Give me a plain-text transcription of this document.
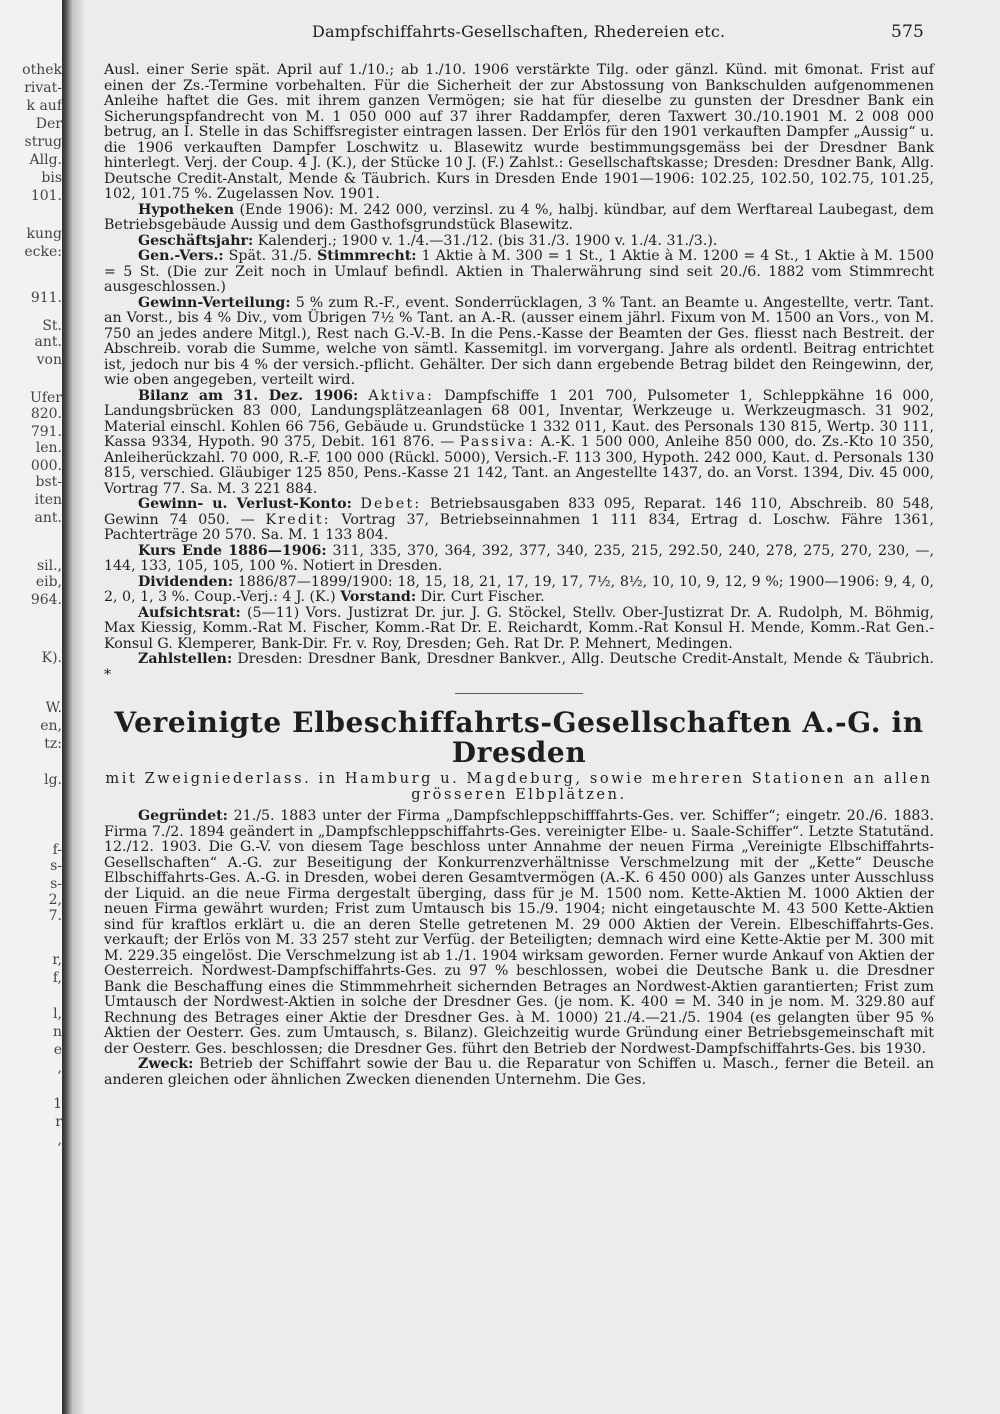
othek
rivat-
k auf
Der
strug
Allg.
bis
101.
kung
ecke:
911.
St.
ant.
von
Ufer
820.
791.
len.
000.
bst-
iten
ant.
sil.,
eib,
964.
K).
W.
en,
tz:
lg.
f-
s-
s-
2,
7.
r,
f,
l,
n
e
,
1
r
,
Dampfschiffahrts-Gesellschaften, Rhedereien etc.	575

Ausl. einer Serie spät. April auf 1./10.; ab 1./10. 1906 verstärkte Tilg. oder gänzl. Künd. mit 6monat. Frist auf einen der Zs.-Termine vorbehalten. Für die Sicherheit der zur Abstossung von Bankschulden aufgenommenen Anleihe haftet die Ges. mit ihrem ganzen Vermögen; sie hat für dieselbe zu gunsten der Dresdner Bank ein Sicherungspfandrecht von M. 1 050 000 auf 37 ihrer Raddampfer, deren Taxwert 30./10.1901 M. 2 008 000 betrug, an I. Stelle in das Schiffsregister eintragen lassen. Der Erlös für den 1901 verkauften Dampfer „Aussig“ u. die 1906 verkauften Dampfer Loschwitz u. Blasewitz wurde bestimmungsgemäss bei der Dresdner Bank hinterlegt. Verj. der Coup. 4 J. (K.), der Stücke 10 J. (F.) Zahlst.: Gesellschaftskasse; Dresden: Dresdner Bank, Allg. Deutsche Credit-Anstalt, Mende & Täubrich. Kurs in Dresden Ende 1901—1906: 102.25, 102.50, 102.75, 101.25, 102, 101.75 %. Zugelassen Nov. 1901.

Hypotheken (Ende 1906): M. 242 000, verzinsl. zu 4 %, halbj. kündbar, auf dem Werftareal Laubegast, dem Betriebsgebäude Aussig und dem Gasthofsgrundstück Blasewitz.

Geschäftsjahr: Kalenderj.; 1900 v. 1./4.—31./12. (bis 31./3. 1900 v. 1./4. 31./3.).

Gen.-Vers.: Spät. 31./5. Stimmrecht: 1 Aktie à M. 300 = 1 St., 1 Aktie à M. 1200 = 4 St., 1 Aktie à M. 1500 = 5 St. (Die zur Zeit noch in Umlauf befindl. Aktien in Thalerwährung sind seit 20./6. 1882 vom Stimmrecht ausgeschlossen.)

Gewinn-Verteilung: 5 % zum R.-F., event. Sonderrücklagen, 3 % Tant. an Beamte u. Angestellte, vertr. Tant. an Vorst., bis 4 % Div., vom Übrigen 7½ % Tant. an A.-R. (ausser einem jährl. Fixum von M. 1500 an Vors., von M. 750 an jedes andere Mitgl.), Rest nach G.-V.-B. In die Pens.-Kasse der Beamten der Ges. fliesst nach Bestreit. der Abschreib. vorab die Summe, welche von sämtl. Kassemitgl. im vorvergang. Jahre als ordentl. Beitrag entrichtet ist, jedoch nur bis 4 % der versich.-pflicht. Gehälter. Der sich dann ergebende Betrag bildet den Reingewinn, der, wie oben angegeben, verteilt wird.

Bilanz am 31. Dez. 1906: Aktiva: Dampfschiffe 1 201 700, Pulsometer 1, Schleppkähne 16 000, Landungsbrücken 83 000, Landungsplätzeanlagen 68 001, Inventar, Werkzeuge u. Werkzeugmasch. 31 902, Material einschl. Kohlen 66 756, Gebäude u. Grundstücke 1 332 011, Kaut. des Personals 130 815, Wertp. 30 111, Kassa 9334, Hypoth. 90 375, Debit. 161 876. — Passiva: A.-K. 1 500 000, Anleihe 850 000, do. Zs.-Kto 10 350, Anleiherückzahl. 70 000, R.-F. 100 000 (Rückl. 5000), Versich.-F. 113 300, Hypoth. 242 000, Kaut. d. Personals 130 815, verschied. Gläubiger 125 850, Pens.-Kasse 21 142, Tant. an Angestellte 1437, do. an Vorst. 1394, Div. 45 000, Vortrag 77. Sa. M. 3 221 884.

Gewinn- u. Verlust-Konto: Debet: Betriebsausgaben 833 095, Reparat. 146 110, Abschreib. 80 548, Gewinn 74 050. — Kredit: Vortrag 37, Betriebseinnahmen 1 111 834, Ertrag d. Loschw. Fähre 1361, Pachterträge 20 570. Sa. M. 1 133 804.

Kurs Ende 1886—1906: 311, 335, 370, 364, 392, 377, 340, 235, 215, 292.50, 240, 278, 275, 270, 230, —, 144, 133, 105, 105, 100 %. Notiert in Dresden.

Dividenden: 1886/87—1899/1900: 18, 15, 18, 21, 17, 19, 17, 7½, 8½, 10, 10, 9, 12, 9 %; 1900—1906: 9, 4, 0, 2, 0, 1, 3 %. Coup.-Verj.: 4 J. (K.) Vorstand: Dir. Curt Fischer.

Aufsichtsrat: (5—11) Vors. Justizrat Dr. jur. J. G. Stöckel, Stellv. Ober-Justizrat Dr. A. Rudolph, M. Böhmig, Max Kiessig, Komm.-Rat M. Fischer, Komm.-Rat Dr. E. Reichardt, Komm.-Rat Konsul H. Mende, Komm.-Rat Gen.-Konsul G. Klemperer, Bank-Dir. Fr. v. Roy, Dresden; Geh. Rat Dr. P. Mehnert, Medingen.

Zahlstellen: Dresden: Dresdner Bank, Dresdner Bankver., Allg. Deutsche Credit-Anstalt, Mende & Täubrich. *

Vereinigte Elbeschiffahrts-Gesellschaften A.-G. in Dresden
mit Zweigniederlass. in Hamburg u. Magdeburg, sowie mehreren Stationen an allen grösseren Elbplätzen.

Gegründet: 21./5. 1883 unter der Firma „Dampfschleppschifffahrts-Ges. ver. Schiffer“; eingetr. 20./6. 1883. Firma 7./2. 1894 geändert in „Dampfschleppschiffahrts-Ges. vereinigter Elbe- u. Saale-Schiffer“. Letzte Statutänd. 12./12. 1903. Die G.-V. von diesem Tage beschloss unter Annahme der neuen Firma „Vereinigte Elbschiffahrts-Gesellschaften“ A.-G. zur Beseitigung der Konkurrenzverhältnisse Verschmelzung mit der „Kette“ Deusche Elbschiffahrts-Ges. A.-G. in Dresden, wobei deren Gesamtvermögen (A.-K. 6 450 000) als Ganzes unter Ausschluss der Liquid. an die neue Firma dergestalt überging, dass für je M. 1500 nom. Kette-Aktien M. 1000 Aktien der neuen Firma gewährt wurden; Frist zum Umtausch bis 15./9. 1904; nicht eingetauschte M. 43 500 Kette-Aktien sind für kraftlos erklärt u. die an deren Stelle getretenen M. 29 000 Aktien der Verein. Elbeschiffahrts-Ges. verkauft; der Erlös von M. 33 257 steht zur Verfüg. der Beteiligten; demnach wird eine Kette-Aktie per M. 300 mit M. 229.35 eingelöst. Die Verschmelzung ist ab 1./1. 1904 wirksam geworden. Ferner wurde Ankauf von Aktien der Oesterreich. Nordwest-Dampfschiffahrts-Ges. zu 97 % beschlossen, wobei die Deutsche Bank u. die Dresdner Bank die Beschaffung eines die Stimmmehrheit sichernden Betrages an Nordwest-Aktien garantierten; Frist zum Umtausch der Nordwest-Aktien in solche der Dresdner Ges. (je nom. K. 400 = M. 340 in je nom. M. 329.80 auf Rechnung des Betrages einer Aktie der Dresdner Ges. à M. 1000) 21./4.—21./5. 1904 (es gelangten über 95 % Aktien der Oesterr. Ges. zum Umtausch, s. Bilanz). Gleichzeitig wurde Gründung einer Betriebsgemeinschaft mit der Oesterr. Ges. beschlossen; die Dresdner Ges. führt den Betrieb der Nordwest-Dampfschiffahrts-Ges. bis 1930.

Zweck: Betrieb der Schiffahrt sowie der Bau u. die Reparatur von Schiffen u. Masch., ferner die Beteil. an anderen gleichen oder ähnlichen Zwecken dienenden Unternehm. Die Ges.
